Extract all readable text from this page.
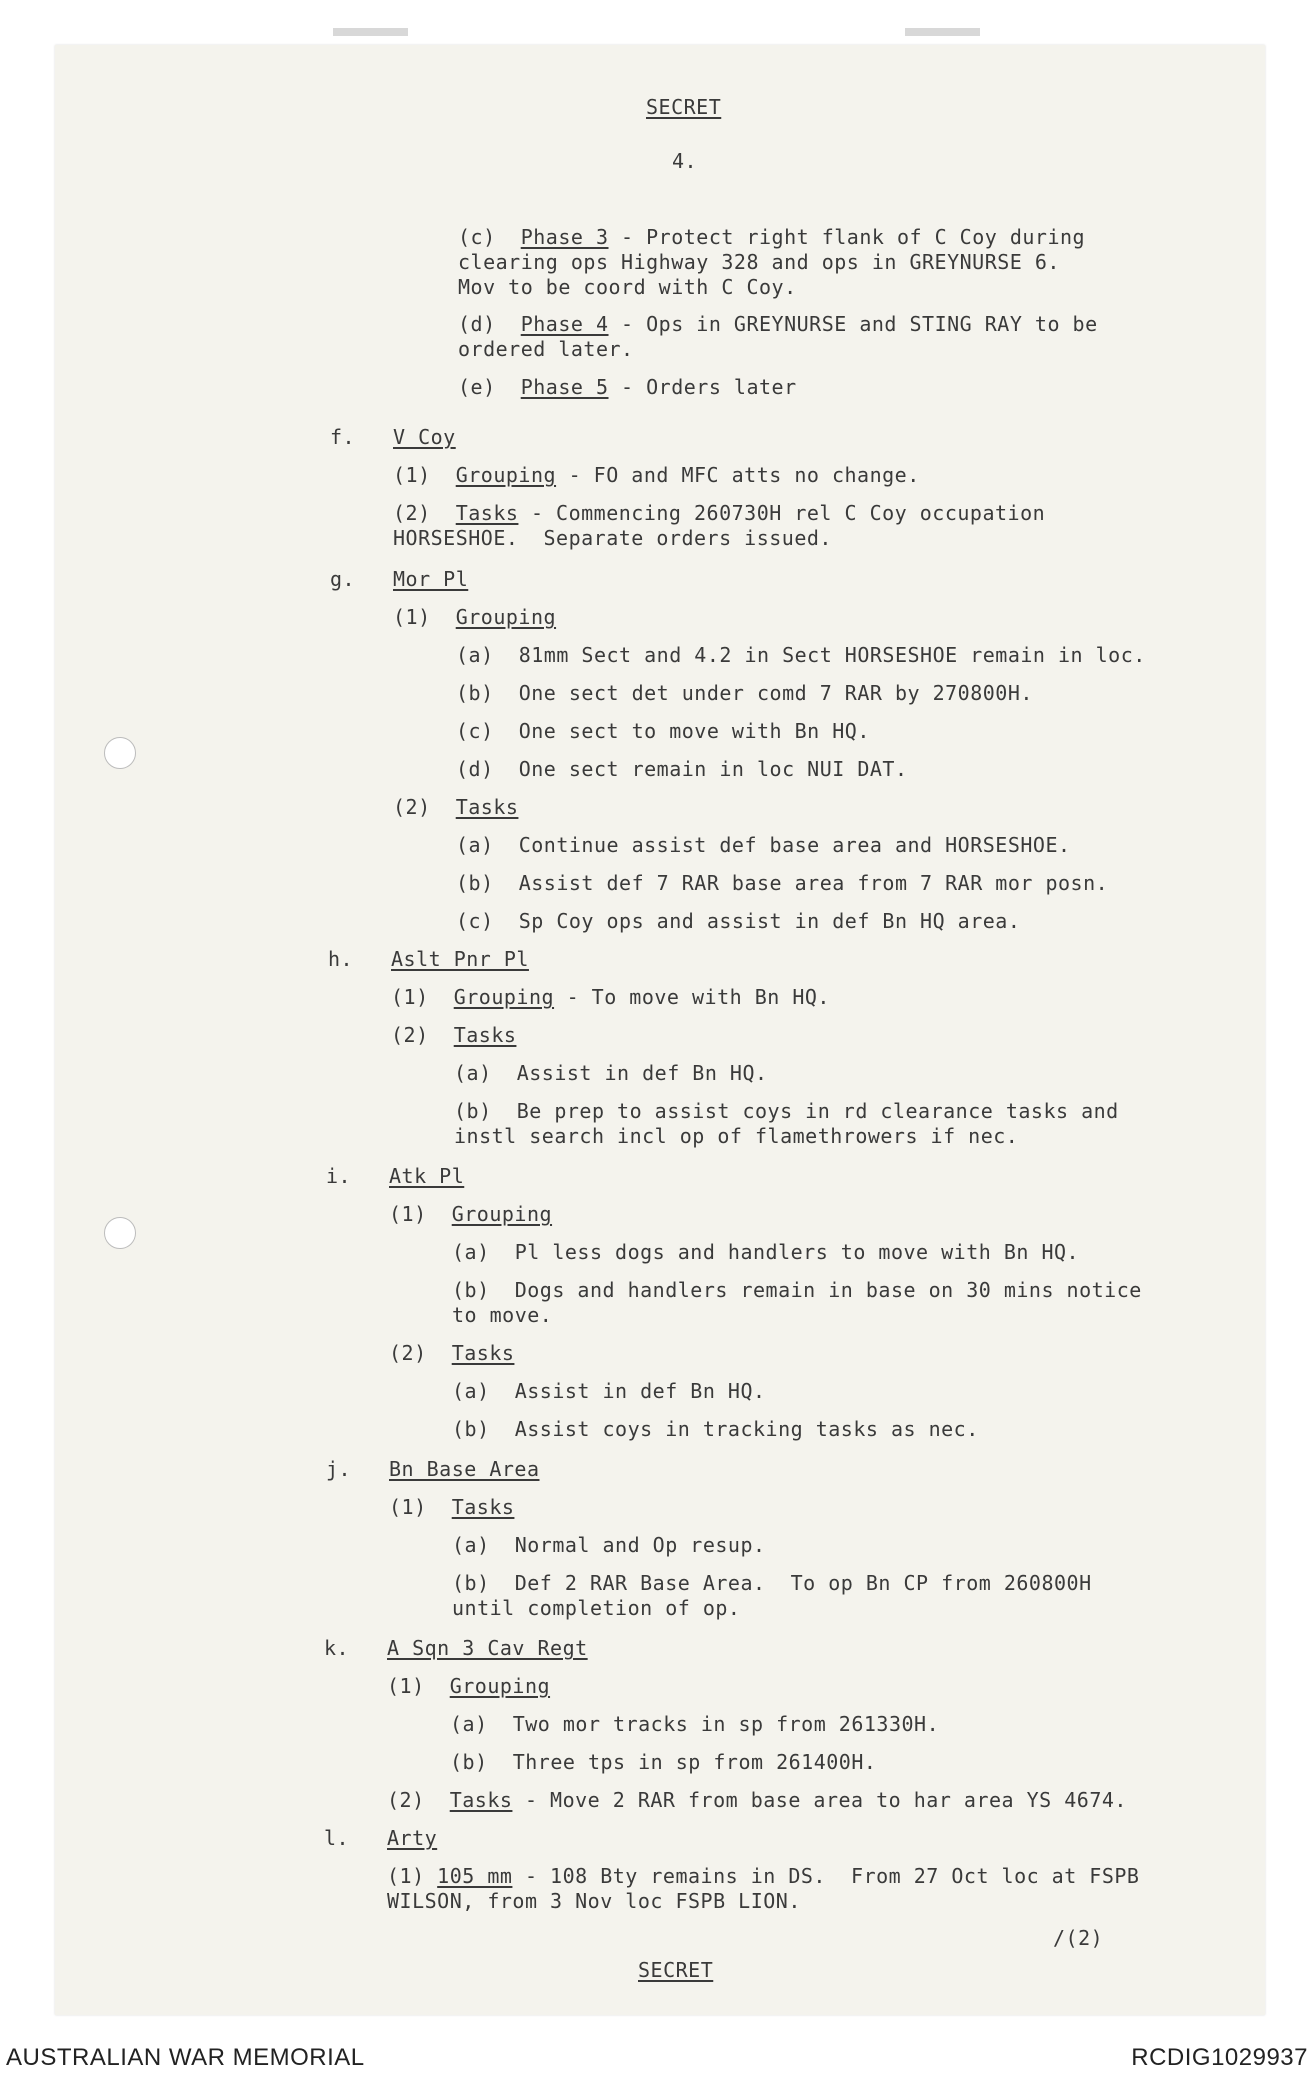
SECRET
4.
(c) Phase 3 - Protect right flank of C Coy during
clearing ops Highway 328 and ops in GREYNURSE 6.
Mov to be coord with C Coy.
(d) Phase 4 - Ops in GREYNURSE and STING RAY to be
ordered later.
(e) Phase 5 - Orders later
f. V Coy
(1) Grouping - FO and MFC atts no change.
(2) Tasks - Commencing 260730H rel C Coy occupation
HORSESHOE.  Separate orders issued.
g. Mor Pl
(1) Grouping
(a) 81mm Sect and 4.2 in Sect HORSESHOE remain in loc.
(b) One sect det under comd 7 RAR by 270800H.
(c) One sect to move with Bn HQ.
(d) One sect remain in loc NUI DAT.
(2) Tasks
(a) Continue assist def base area and HORSESHOE.
(b) Assist def 7 RAR base area from 7 RAR mor posn.
(c) Sp Coy ops and assist in def Bn HQ area.
h. Aslt Pnr Pl
(1) Grouping - To move with Bn HQ.
(2) Tasks
(a) Assist in def Bn HQ.
(b) Be prep to assist coys in rd clearance tasks and
instl search incl op of flamethrowers if nec.
i. Atk Pl
(1) Grouping
(a) Pl less dogs and handlers to move with Bn HQ.
(b) Dogs and handlers remain in base on 30 mins notice
to move.
(2) Tasks
(a) Assist in def Bn HQ.
(b) Assist coys in tracking tasks as nec.
j. Bn Base Area
(1) Tasks
(a) Normal and Op resup.
(b) Def 2 RAR Base Area.  To op Bn CP from 260800H
until completion of op.
k. A Sqn 3 Cav Regt
(1) Grouping
(a) Two mor tracks in sp from 261330H.
(b) Three tps in sp from 261400H.
(2) Tasks - Move 2 RAR from base area to har area YS 4674.
l. Arty
(1) 105 mm - 108 Bty remains in DS.  From 27 Oct loc at FSPB
WILSON, from 3 Nov loc FSPB LION.
/(2)
SECRET
AUSTRALIAN WAR MEMORIAL	RCDIG1029937
